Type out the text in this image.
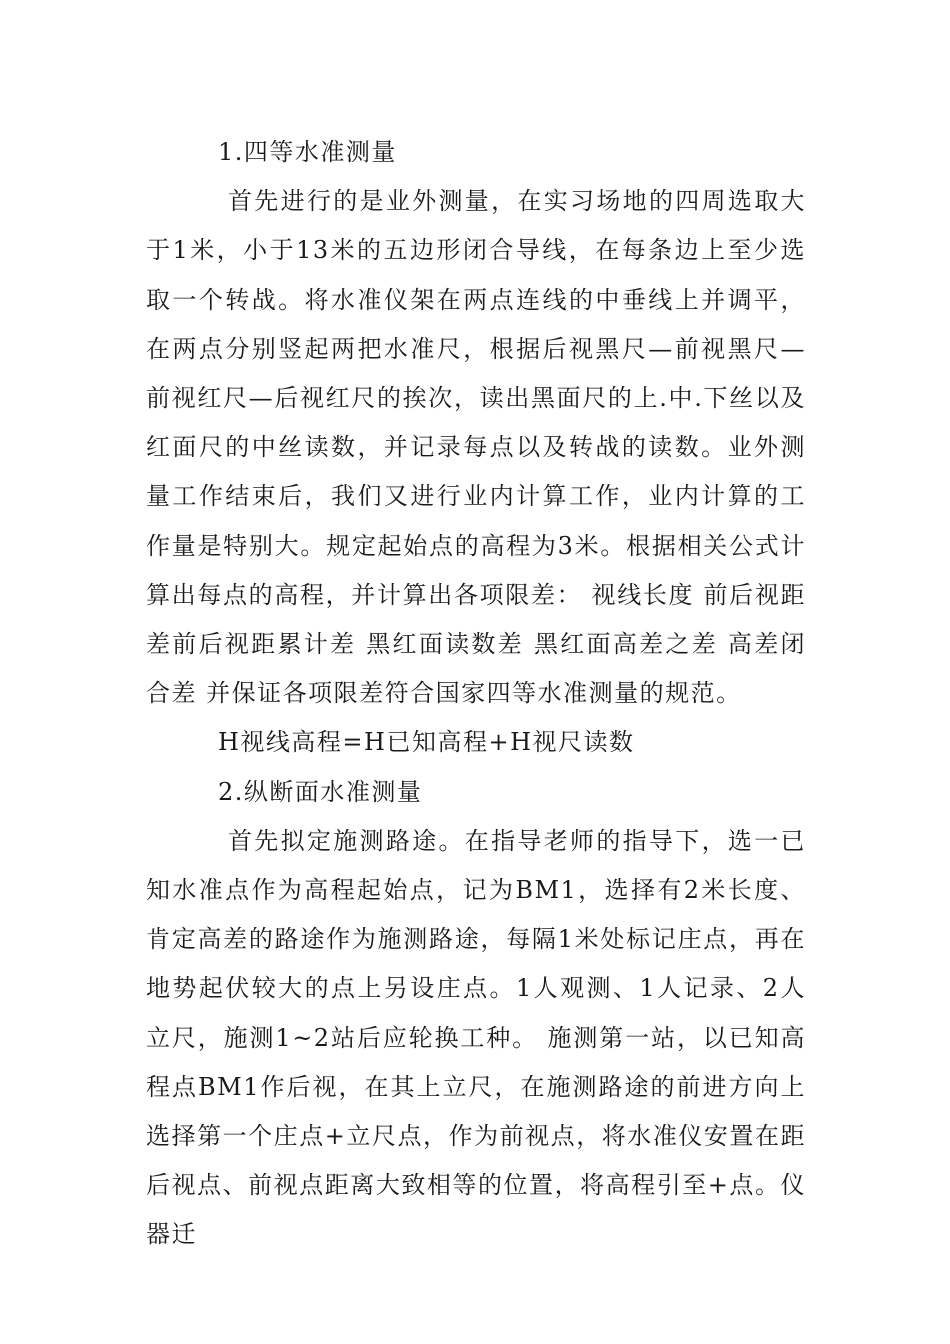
1.四等水准测量

首先进行的是业外测量，在实习场地的四周选取大于1米，小于13米的五边形闭合导线，在每条边上至少选取一个转战。将水准仪架在两点连线的中垂线上并调平，在两点分别竖起两把水准尺，根据后视黑尺—前视黑尺—前视红尺—后视红尺的挨次，读出黑面尺的上.中.下丝以及红面尺的中丝读数，并记录每点以及转战的读数。业外测量工作结束后，我们又进行业内计算工作，业内计算的工作量是特别大。规定起始点的高程为3米。根据相关公式计算出每点的高程，并计算出各项限差： 视线长度 前后视距差前后视距累计差 黑红面读数差 黑红面高差之差 高差闭合差 并保证各项限差符合国家四等水准测量的规范。

H视线高程=H已知高程+H视尺读数

2.纵断面水准测量

首先拟定施测路途。在指导老师的指导下，选一已知水准点作为高程起始点，记为BM1，选择有2米长度、肯定高差的路途作为施测路途，每隔1米处标记庄点，再在地势起伏较大的点上另设庄点。1人观测、1人记录、2人立尺，施测1~2站后应轮换工种。 施测第一站，以已知高程点BM1作后视，在其上立尺，在施测路途的前进方向上选择第一个庄点+立尺点，作为前视点，将水准仪安置在距后视点、前视点距离大致相等的位置，将高程引至+点。仪器迁
